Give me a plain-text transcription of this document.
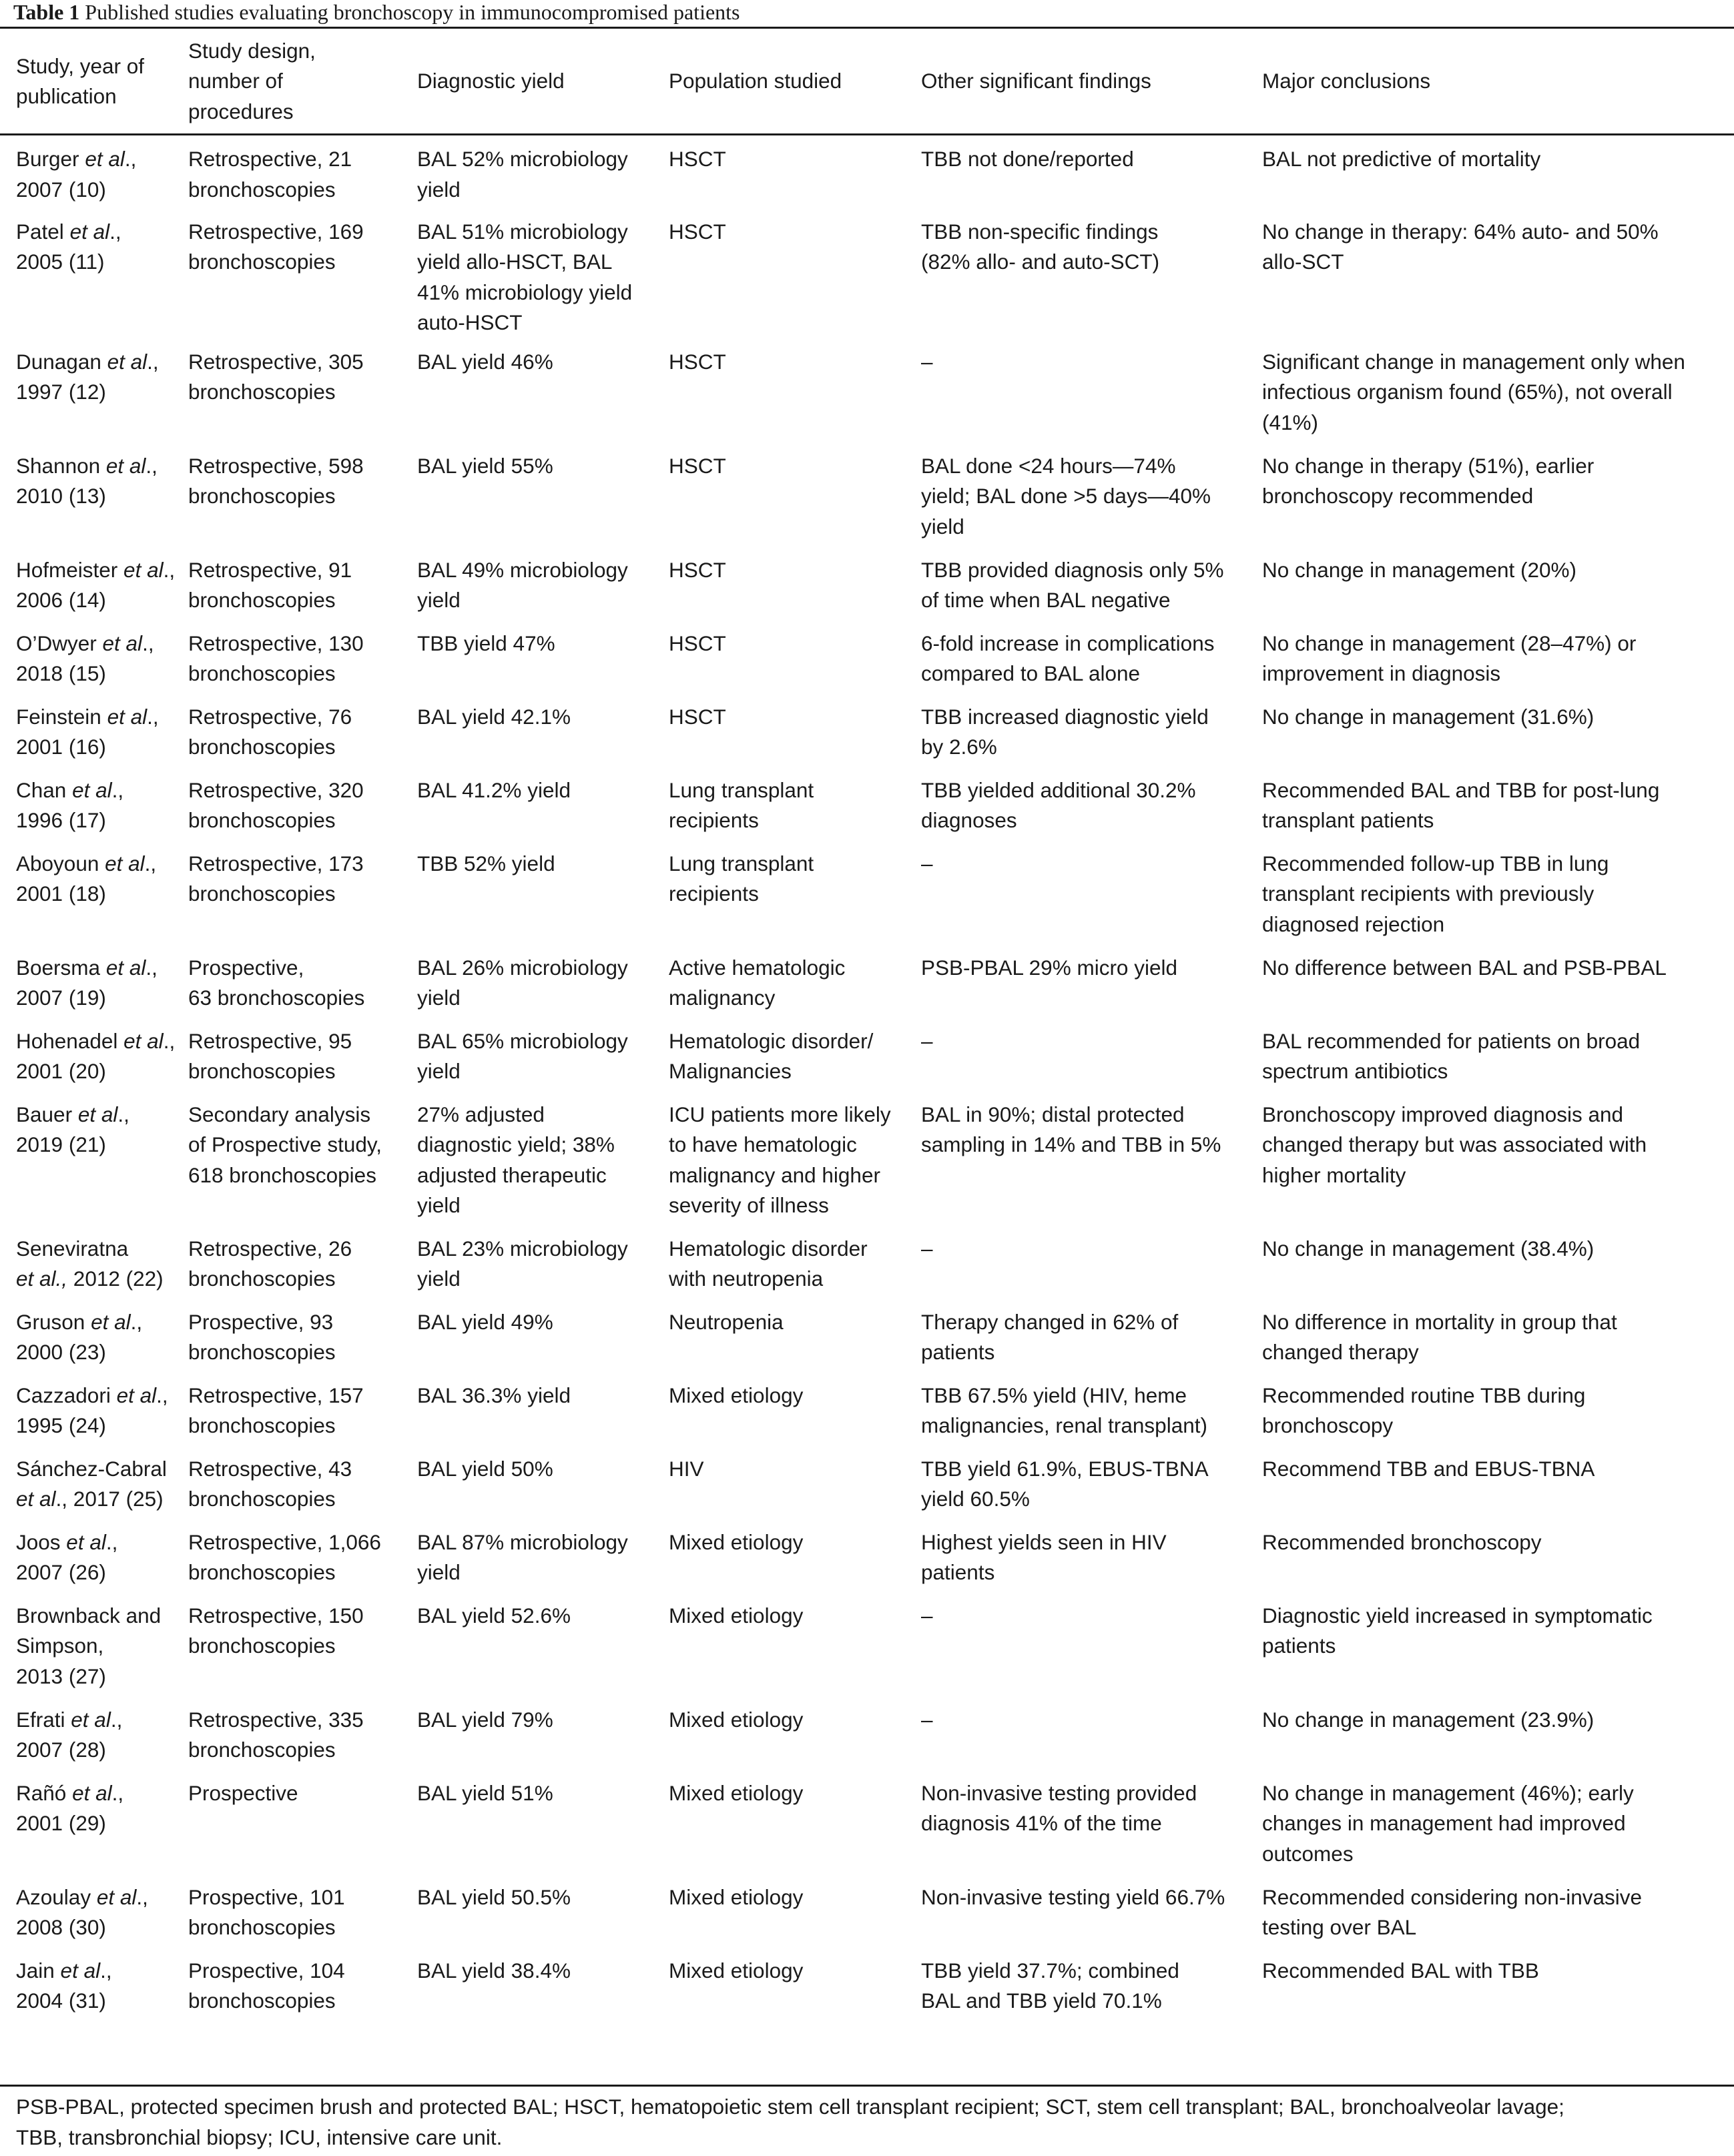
Table 1 Published studies evaluating bronchoscopy in immunocompromised patients
Study, year of
publication	Study design,
number of
procedures	Diagnostic yield	Population studied	Other significant findings	Major conclusions
Burger et al.,
2007 (10)	Retrospective, 21
bronchoscopies	BAL 52% microbiology
yield	HSCT	TBB not done/reported	BAL not predictive of mortality
Patel et al.,
2005 (11)	Retrospective, 169
bronchoscopies	BAL 51% microbiology
yield allo-HSCT, BAL
41% microbiology yield
auto-HSCT	HSCT	TBB non-specific findings
(82% allo- and auto-SCT)	No change in therapy: 64% auto- and 50%
allo-SCT
Dunagan et al.,
1997 (12)	Retrospective, 305
bronchoscopies	BAL yield 46%	HSCT	–	Significant change in management only when
infectious organism found (65%), not overall
(41%)
Shannon et al.,
2010 (13)	Retrospective, 598
bronchoscopies	BAL yield 55%	HSCT	BAL done <24 hours—74%
yield; BAL done >5 days—40%
yield	No change in therapy (51%), earlier
bronchoscopy recommended
Hofmeister et al.,
2006 (14)	Retrospective, 91
bronchoscopies	BAL 49% microbiology
yield	HSCT	TBB provided diagnosis only 5%
of time when BAL negative	No change in management (20%)
O’Dwyer et al.,
2018 (15)	Retrospective, 130
bronchoscopies	TBB yield 47%	HSCT	6-fold increase in complications
compared to BAL alone	No change in management (28–47%) or
improvement in diagnosis
Feinstein et al.,
2001 (16)	Retrospective, 76
bronchoscopies	BAL yield 42.1%	HSCT	TBB increased diagnostic yield
by 2.6%	No change in management (31.6%)
Chan et al.,
1996 (17)	Retrospective, 320
bronchoscopies	BAL 41.2% yield	Lung transplant
recipients	TBB yielded additional 30.2%
diagnoses	Recommended BAL and TBB for post-lung
transplant patients
Aboyoun et al.,
2001 (18)	Retrospective, 173
bronchoscopies	TBB 52% yield	Lung transplant
recipients	–	Recommended follow-up TBB in lung
transplant recipients with previously
diagnosed rejection
Boersma et al.,
2007 (19)	Prospective,
63 bronchoscopies	BAL 26% microbiology
yield	Active hematologic
malignancy	PSB-PBAL 29% micro yield	No difference between BAL and PSB-PBAL
Hohenadel et al.,
2001 (20)	Retrospective, 95
bronchoscopies	BAL 65% microbiology
yield	Hematologic disorder/
Malignancies	–	BAL recommended for patients on broad
spectrum antibiotics
Bauer et al.,
2019 (21)	Secondary analysis
of Prospective study,
618 bronchoscopies	27% adjusted
diagnostic yield; 38%
adjusted therapeutic
yield	ICU patients more likely
to have hematologic
malignancy and higher
severity of illness	BAL in 90%; distal protected
sampling in 14% and TBB in 5%	Bronchoscopy improved diagnosis and
changed therapy but was associated with
higher mortality
Seneviratna
et al., 2012 (22)	Retrospective, 26
bronchoscopies	BAL 23% microbiology
yield	Hematologic disorder
with neutropenia	–	No change in management (38.4%)
Gruson et al.,
2000 (23)	Prospective, 93
bronchoscopies	BAL yield 49%	Neutropenia	Therapy changed in 62% of
patients	No difference in mortality in group that
changed therapy
Cazzadori et al.,
1995 (24)	Retrospective, 157
bronchoscopies	BAL 36.3% yield	Mixed etiology	TBB 67.5% yield (HIV, heme
malignancies, renal transplant)	Recommended routine TBB during
bronchoscopy
Sánchez-Cabral
et al., 2017 (25)	Retrospective, 43
bronchoscopies	BAL yield 50%	HIV	TBB yield 61.9%, EBUS-TBNA
yield 60.5%	Recommend TBB and EBUS-TBNA
Joos et al.,
2007 (26)	Retrospective, 1,066
bronchoscopies	BAL 87% microbiology
yield	Mixed etiology	Highest yields seen in HIV
patients	Recommended bronchoscopy
Brownback and
Simpson,
2013 (27)	Retrospective, 150
bronchoscopies	BAL yield 52.6%	Mixed etiology	–	Diagnostic yield increased in symptomatic
patients
Efrati et al.,
2007 (28)	Retrospective, 335
bronchoscopies	BAL yield 79%	Mixed etiology	–	No change in management (23.9%)
Rañó et al.,
2001 (29)	Prospective	BAL yield 51%	Mixed etiology	Non-invasive testing provided
diagnosis 41% of the time	No change in management (46%); early
changes in management had improved
outcomes
Azoulay et al.,
2008 (30)	Prospective, 101
bronchoscopies	BAL yield 50.5%	Mixed etiology	Non-invasive testing yield 66.7%	Recommended considering non-invasive
testing over BAL
Jain et al.,
2004 (31)	Prospective, 104
bronchoscopies	BAL yield 38.4%	Mixed etiology	TBB yield 37.7%; combined
BAL and TBB yield 70.1%	Recommended BAL with TBB
PSB-PBAL, protected specimen brush and protected BAL; HSCT, hematopoietic stem cell transplant recipient; SCT, stem cell transplant; BAL, bronchoalveolar lavage;
TBB, transbronchial biopsy; ICU, intensive care unit.
